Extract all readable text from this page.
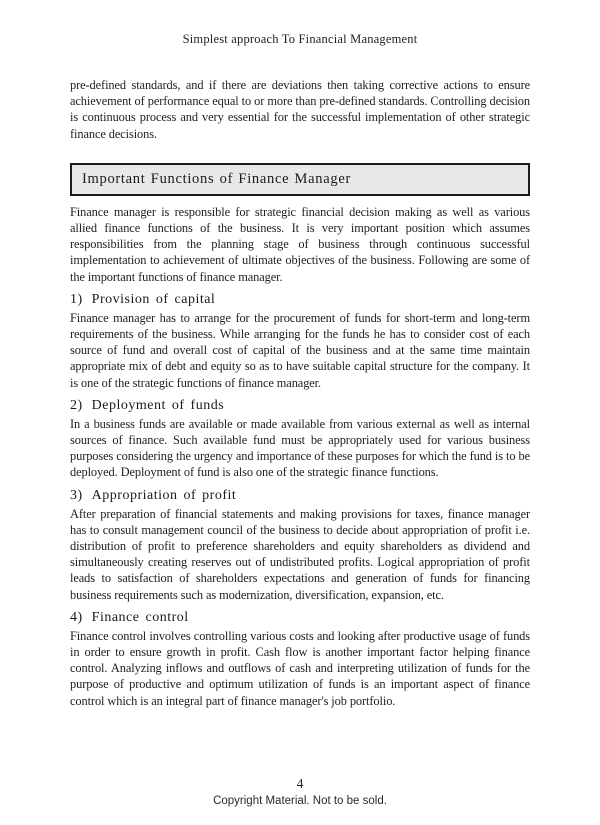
Simplest approach To Financial Management

pre-defined standards, and if there are deviations then taking corrective actions to ensure achievement of performance equal to or more than pre-defined standards. Controlling decision is continuous process and very essential for the successful implementation of other strategic finance decisions.

Important Functions of Finance Manager

Finance manager is responsible for strategic financial decision making as well as various allied finance functions of the business. It is very important position which assumes responsibilities from the planning stage of business through continuous successful implementation to achievement of ultimate objectives of the business. Following are some of the important functions of finance manager.

1) Provision of capital

Finance manager has to arrange for the procurement of funds for short-term and long-term requirements of the business. While arranging for the funds he has to consider cost of each source of fund and overall cost of capital of the business and at the same time maintain appropriate mix of debt and equity so as to have suitable capital structure for the company. It is one of the strategic functions of finance manager.

2) Deployment of funds

In a business funds are available or made available from various external as well as internal sources of finance. Such available fund must be appropriately used for various business purposes considering the urgency and importance of these purposes for which the fund is to be deployed. Deployment of fund is also one of the strategic finance functions.

3) Appropriation of profit

After preparation of financial statements and making provisions for taxes, finance manager has to consult management council of the business to decide about appropriation of profit i.e. distribution of profit to preference shareholders and equity shareholders as dividend and simultaneously creating reserves out of undistributed profits. Logical appropriation of profit leads to satisfaction of shareholders expectations and generation of funds for financing business requirements such as modernization, diversification, expansion, etc.

4) Finance control

Finance control involves controlling various costs and looking after productive usage of funds in order to ensure growth in profit. Cash flow is another important factor helping finance control. Analyzing inflows and outflows of cash and interpreting utilization of funds for the purpose of productive and optimum utilization of funds is an important aspect of finance control which is an integral part of finance manager's job portfolio.

4
Copyright Material. Not to be sold.
